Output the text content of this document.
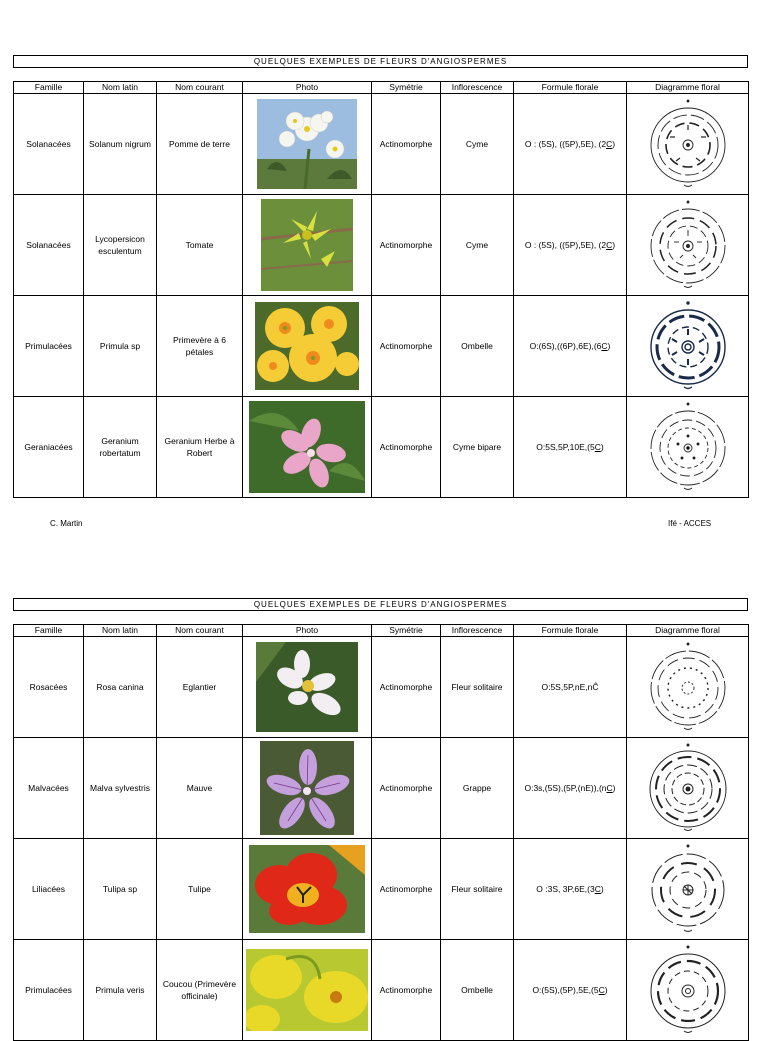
QUELQUES EXEMPLES DE FLEURS D'ANGIOSPERMES
Famille	Nom latin	Nom courant	Photo	Symétrie	Inflorescence	Formule florale	Diagramme floral
Solanacées	Solanum nigrum	Pomme de terre		Actinomorphe	Cyme	O : (5S), ((5P),5E), (2C)	

Solanacées	Lycopersicon esculentum	Tomate		Actinomorphe	Cyme	O : (5S), ((5P),5E), (2C)	

Primulacées	Primula sp	Primevère à 6 pétales		Actinomorphe	Ombelle	O:(6S),((6P),6E),(6C)	

Geraniacées	Geranium robertatum	Geranium Herbe à Robert		Actinomorphe	Cyme bipare	O:5S,5P,10E,(5C)	
C. Martin	Ifé - ACCES
QUELQUES EXEMPLES DE FLEURS D'ANGIOSPERMES
Famille	Nom latin	Nom courant	Photo	Symétrie	Inflorescence	Formule florale	Diagramme floral
Rosacées	Rosa canina	Eglantier		Actinomorphe	Fleur solitaire	O:5S,5P,nE,nĈ	

Malvacées	Malva sylvestris	Mauve		Actinomorphe	Grappe	O:3s,(5S),(5P,(nE)),(nC)	

Liliacées	Tulipa sp	Tulipe		Actinomorphe	Fleur solitaire	O :3S, 3P,6E,(3C)	

Primulacées	Primula veris	Coucou (Primevère officinale)		Actinomorphe	Ombelle	O:(5S),(5P),5E,(5C)	
